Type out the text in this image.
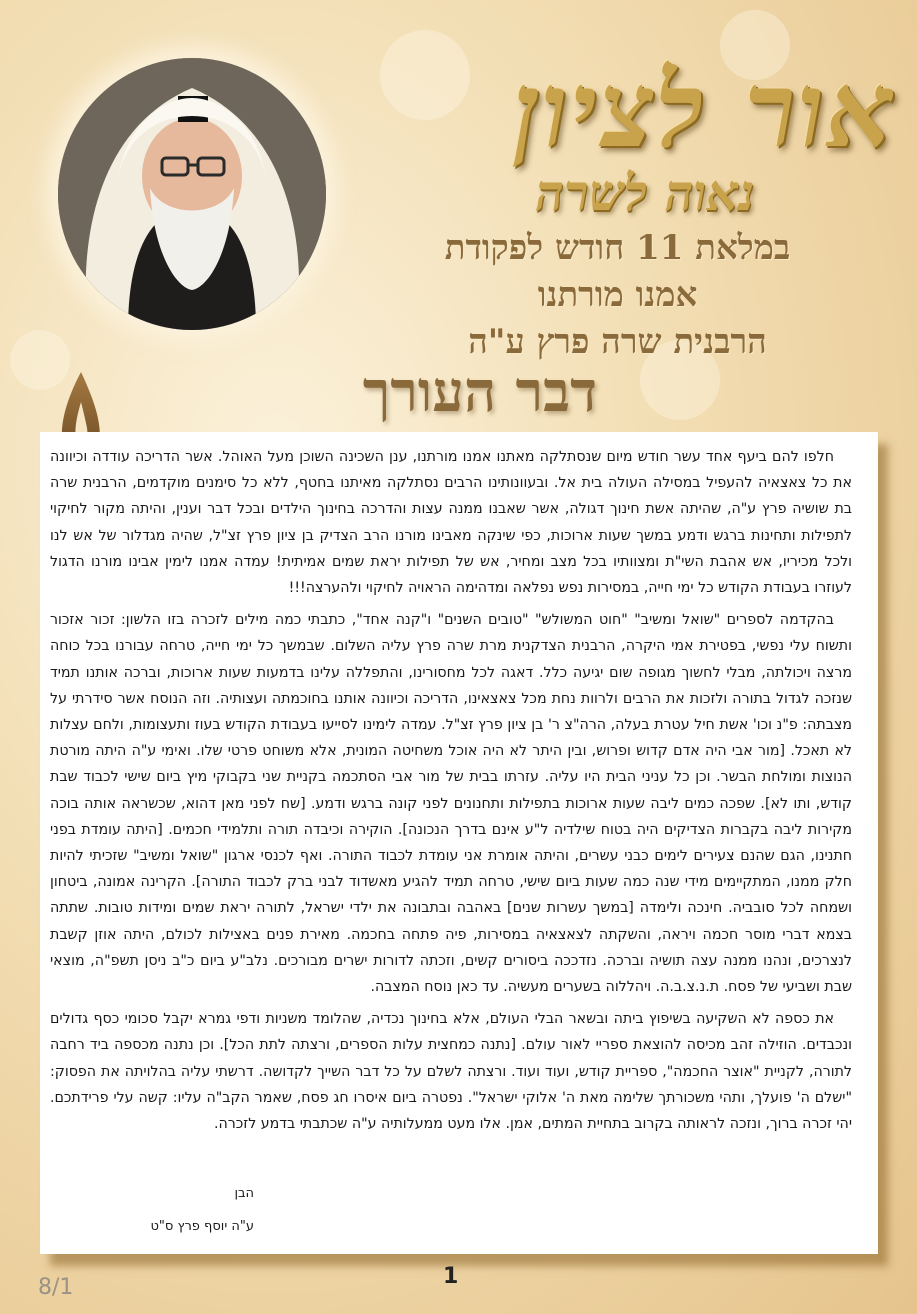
אור לציון
נאוה לשרה
במלאת 11 חודש לפקודת
אמנו מורתנו
הרבנית שרה פרץ ע"ה
דבר העורך

חלפו להם ביעף אחד עשר חודש מיום שנסתלקה מאתנו אמנו מורתנו, ענן השכינה השוכן מעל האוהל. אשר הדריכה עודדה וכיוונה את כל צאצאיה להעפיל במסילה העולה בית אל. ובעוונותינו הרבים נסתלקה מאיתנו בחטף, ללא כל סימנים מוקדמים, הרבנית שרה בת שושיה פרץ ע"ה, שהיתה אשת חינוך דגולה, אשר שאבנו ממנה עצות והדרכה בחינוך הילדים ובכל דבר וענין, והיתה מקור לחיקוי לתפילות ותחינות ברגש ודמע במשך שעות ארוכות, כפי שינקה מאבינו מורנו הרב הצדיק בן ציון פרץ זצ"ל, שהיה מגדלור של אש לנו ולכל מכיריו, אש אהבת השי"ת ומצוותיו בכל מצב ומחיר, אש של תפילות יראת שמים אמיתית! עמדה אמנו לימין אבינו מורנו הדגול לעוזרו בעבודת הקודש כל ימי חייה, במסירות נפש נפלאה ומדהימה הראויה לחיקוי ולהערצה!!!

בהקדמה לספרים "שואל ומשיב" "חוט המשולש" "טובים השנים" ו"קנה אחד", כתבתי כמה מילים לזכרה בזו הלשון: זכור אזכור ותשוח עלי נפשי, בפטירת אמי היקרה, הרבנית הצדקנית מרת שרה פרץ עליה השלום. שבמשך כל ימי חייה, טרחה עבורנו בכל כוחה מרצה ויכולתה, מבלי לחשוך מגופה שום יגיעה כלל. דאגה לכל מחסורינו, והתפללה עלינו בדמעות שעות ארוכות, וברכה אותנו תמיד שנזכה לגדול בתורה ולזכות את הרבים ולרוות נחת מכל צאצאינו, הדריכה וכיוונה אותנו בחוכמתה ועצותיה. וזה הנוסח אשר סידרתי על מצבתה: פ"נ וכו' אשת חיל עטרת בעלה, הרה"צ ר' בן ציון פרץ זצ"ל. עמדה לימינו לסייעו בעבודת הקודש בעוז ותעצומות, ולחם עצלות לא תאכל. [מור אבי היה אדם קדוש ופרוש, ובין היתר לא היה אוכל משחיטה המונית, אלא משוחט פרטי שלו. ואימי ע"ה היתה מורטת הנוצות ומולחת הבשר. וכן כל עניני הבית היו עליה. עזרתו בבית של מור אבי הסתכמה בקניית שני בקבוקי מיץ ביום שישי לכבוד שבת קודש, ותו לא]. שפכה כמים ליבה שעות ארוכות בתפילות ותחנונים לפני קונה ברגש ודמע. [שח לפני מאן דהוא, שכשראה אותה בוכה מקירות ליבה בקברות הצדיקים היה בטוח שילדיה ל"ע אינם בדרך הנכונה]. הוקירה וכיבדה תורה ותלמידי חכמים. [היתה עומדת בפני חתנינו, הגם שהנם צעירים לימים כבני עשרים, והיתה אומרת אני עומדת לכבוד התורה. ואף לכנסי ארגון "שואל ומשיב" שזכיתי להיות חלק ממנו, המתקיימים מידי שנה כמה שעות ביום שישי, טרחה תמיד להגיע מאשדוד לבני ברק לכבוד התורה]. הקרינה אמונה, ביטחון ושמחה לכל סובביה. חינכה ולימדה [במשך עשרות שנים] באהבה ובתבונה את ילדי ישראל, לתורה יראת שמים ומידות טובות. שתתה בצמא דברי מוסר חכמה ויראה, והשקתה לצאצאיה במסירות, פיה פתחה בחכמה. מאירת פנים באצילות לכולם, היתה אוזן קשבת לנצרכים, ונהנו ממנה עצה תושיה וברכה. נזדככה ביסורים קשים, וזכתה לדורות ישרים מבורכים. נלב"ע ביום כ"ב ניסן תשפ"ה, מוצאי שבת ושביעי של פסח. ת.נ.צ.ב.ה. ויהללוה בשערים מעשיה. עד כאן נוסח המצבה.

את כספה לא השקיעה בשיפוץ ביתה ובשאר הבלי העולם, אלא בחינוך נכדיה, שהלומד משניות ודפי גמרא יקבל סכומי כסף גדולים ונכבדים. הוזילה זהב מכיסה להוצאת ספריי לאור עולם. [נתנה כמחצית עלות הספרים, ורצתה לתת הכל]. וכן נתנה מכספה ביד רחבה לתורה, לקניית "אוצר החכמה", ספריית קודש, ועוד ועוד. ורצתה לשלם על כל דבר השייך לקדושה. דרשתי עליה בהלויתה את הפסוק: "ישלם ה' פועלך, ותהי משכורתך שלימה מאת ה' אלוקי ישראל". נפטרה ביום איסרו חג פסח, שאמר הקב"ה עליו: קשה עלי פרידתכם. יהי זכרה ברוך, ונזכה לראותה בקרוב בתחיית המתים, אמן. אלו מעט ממעלותיה ע"ה שכתבתי בדמע לזכרה.

הבן
ע"ה יוסף פרץ ס"ט
1
8/1
